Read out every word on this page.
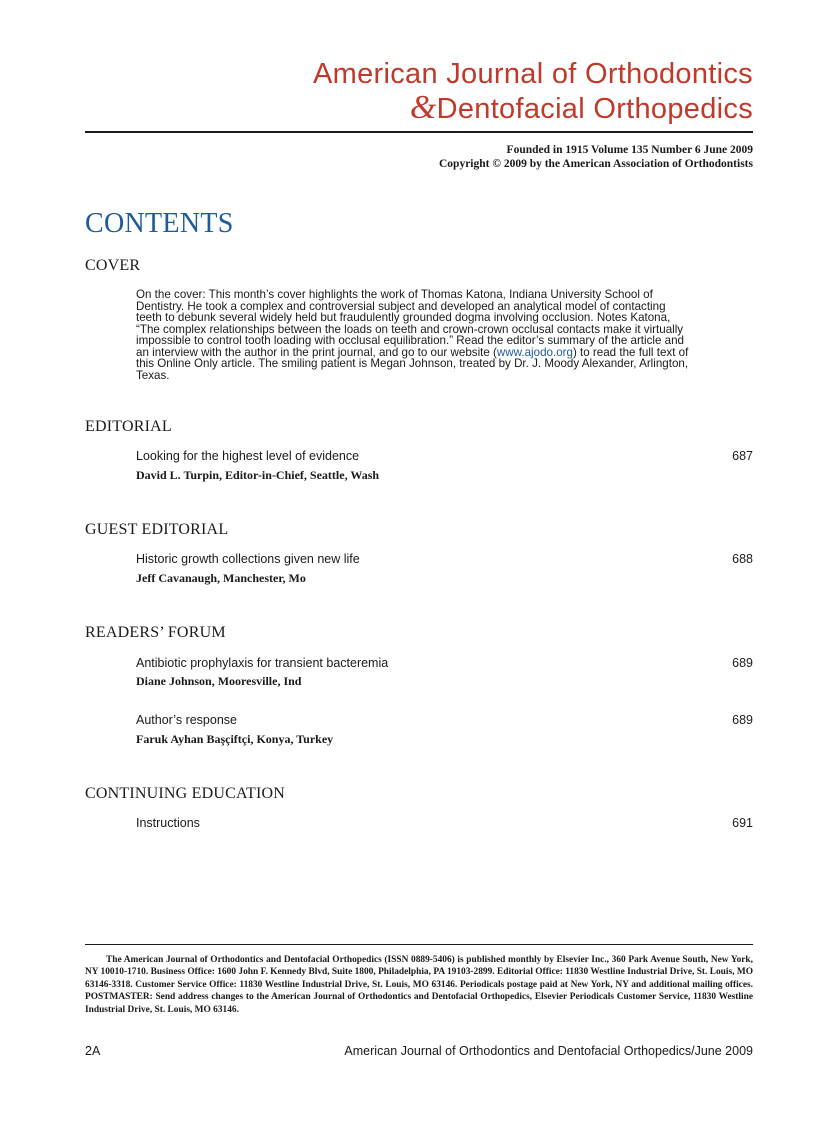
American Journal of Orthodontics
&Dentofacial Orthopedics
Founded in 1915 Volume 135 Number 6 June 2009
Copyright © 2009 by the American Association of Orthodontists
CONTENTS
COVER
On the cover: This month’s cover highlights the work of Thomas Katona, Indiana University School of Dentistry. He took a complex and controversial subject and developed an analytical model of contacting teeth to debunk several widely held but fraudulently grounded dogma involving occlusion. Notes Katona, “The complex relationships between the loads on teeth and crown-crown occlusal contacts make it virtually impossible to control tooth loading with occlusal equilibration.” Read the editor’s summary of the article and an interview with the author in the print journal, and go to our website (www.ajodo.org) to read the full text of this Online Only article. The smiling patient is Megan Johnson, treated by Dr. J. Moody Alexander, Arlington, Texas.
EDITORIAL
Looking for the highest level of evidence	687
David L. Turpin, Editor-in-Chief, Seattle, Wash
GUEST EDITORIAL
Historic growth collections given new life	688
Jeff Cavanaugh, Manchester, Mo
READERS’ FORUM
Antibiotic prophylaxis for transient bacteremia	689
Diane Johnson, Mooresville, Ind
Author’s response	689
Faruk Ayhan Başçiftçi, Konya, Turkey
CONTINUING EDUCATION
Instructions	691
The American Journal of Orthodontics and Dentofacial Orthopedics (ISSN 0889-5406) is published monthly by Elsevier Inc., 360 Park Avenue South, New York, NY 10010-1710. Business Office: 1600 John F. Kennedy Blvd, Suite 1800, Philadelphia, PA 19103-2899. Editorial Office: 11830 Westline Industrial Drive, St. Louis, MO 63146-3318. Customer Service Office: 11830 Westline Industrial Drive, St. Louis, MO 63146. Periodicals postage paid at New York, NY and additional mailing offices. POSTMASTER: Send address changes to the American Journal of Orthodontics and Dentofacial Orthopedics, Elsevier Periodicals Customer Service, 11830 Westline Industrial Drive, St. Louis, MO 63146.
2A	American Journal of Orthodontics and Dentofacial Orthopedics/June 2009
